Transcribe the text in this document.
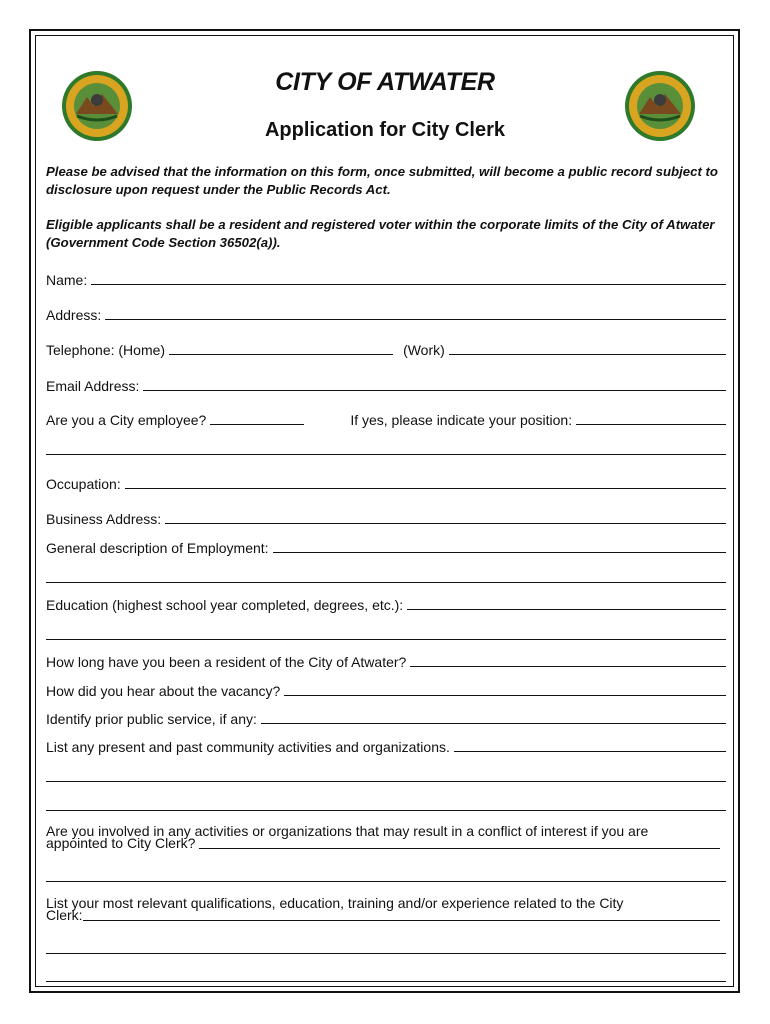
CITY OF ATWATER
Application for City Clerk
Please be advised that the information on this form, once submitted, will become a public record subject to disclosure upon request under the Public Records Act.
Eligible applicants shall be a resident and registered voter within the corporate limits of the City of Atwater (Government Code Section 36502(a)).
Name:
Address:
Telephone: (Home)	(Work)
Email Address:
Are you a City employee?	If yes, please indicate your position:
Occupation:
Business Address:
General description of Employment:
Education (highest school year completed, degrees, etc.):
How long have you been a resident of the City of Atwater?
How did you hear about the vacancy?
Identify prior public service, if any:
List any present and past community activities and organizations.
Are you involved in any activities or organizations that may result in a conflict of interest if you are
appointed to City Clerk?
List your most relevant qualifications, education, training and/or experience related to the City
Clerk:
